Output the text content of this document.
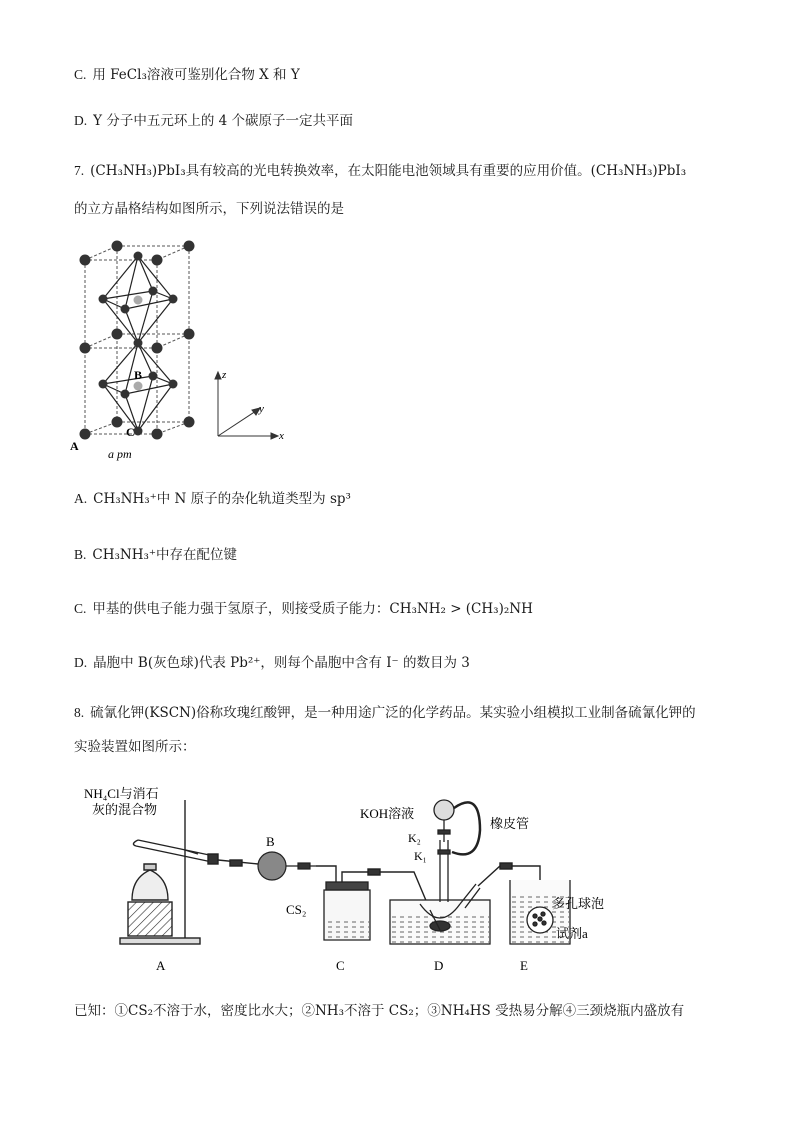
C. 用 FeCl₃溶液可鉴别化合物 X 和 Y
D. Y 分子中五元环上的 4 个碳原子一定共平面
7. (CH₃NH₃)PbI₃具有较高的光电转换效率，在太阳能电池领域具有重要的应用价值。(CH₃NH₃)PbI₃
的立方晶格结构如图所示，下列说法错误的是
B
C
A
a pm
z
y
x
A. CH₃NH₃⁺中 N 原子的杂化轨道类型为 sp³
B. CH₃NH₃⁺中存在配位键
C. 甲基的供电子能力强于氢原子，则接受质子能力：CH₃NH₂ > (CH₃)₂NH
D. 晶胞中 B(灰色球)代表 Pb²⁺，则每个晶胞中含有 I⁻ 的数目为 3
8. 硫氰化钾(KSCN)俗称玫瑰红酸钾，是一种用途广泛的化学药品。某实验小组模拟工业制备硫氰化钾的
实验装置如图所示：
NH₄Cl与消石
灰的混合物
B
KOH溶液
橡皮管
K₂
K₁
CS₂	多孔球泡
试剂a
A	C	D	E
已知：①CS₂不溶于水，密度比水大；②NH₃不溶于 CS₂；③NH₄HS 受热易分解④三颈烧瓶内盛放有
